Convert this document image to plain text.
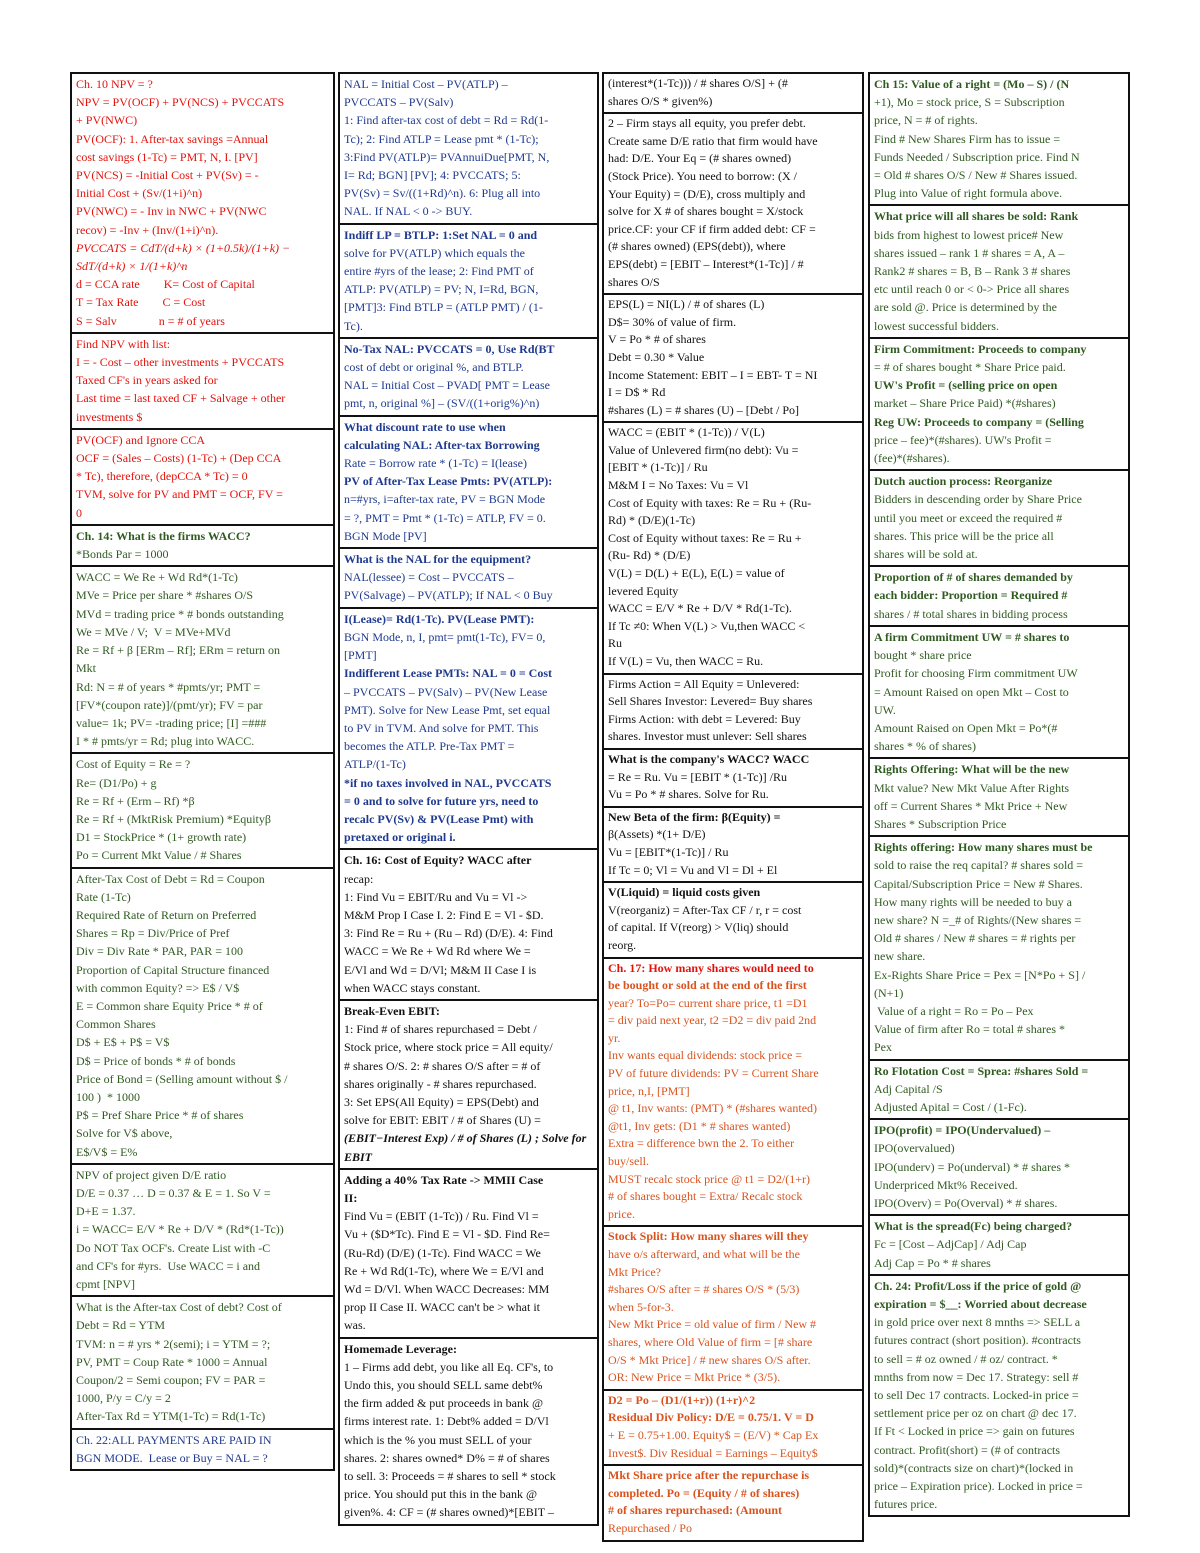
Ch. 10 NPV = ?
NPV = PV(OCF) + PV(NCS) + PVCCATS
+ PV(NWC)
PV(OCF): 1. After-tax savings =Annual
cost savings (1-Tc) = PMT, N, I. [PV]
PV(NCS) = -Initial Cost + PV(Sv) = -
Initial Cost + (Sv/(1+i)^n)
PV(NWC) = - Inv in NWC + PV(NWC
recov) = -Inv + (Inv/(1+i)^n).
PVCCATS = CdT/(d+k) × (1+0.5k)/(1+k) − SdT/(d+k) × 1/(1+k)^n
d = CCA rate        K= Cost of Capital
T = Tax Rate        C = Cost
S = Salv              n = # of years
Find NPV with list:
I = - Cost – other investments + PVCCATS
Taxed CF's in years asked for
Last time = last taxed CF + Salvage + other
investments $
PV(OCF) and Ignore CCA
OCF = (Sales – Costs) (1-Tc) + (Dep CCA
* Tc), therefore, (depCCA * Tc) = 0
TVM, solve for PV and PMT = OCF, FV =
0
Ch. 14: What is the firms WACC?
*Bonds Par = 1000
WACC = We Re + Wd Rd*(1-Tc)
MVe = Price per share * #shares O/S
MVd = trading price * # bonds outstanding
We = MVe / V;  V = MVe+MVd
Re = Rf + β [ERm – Rf]; ERm = return on
Mkt
Rd: N = # of years * #pmts/yr; PMT =
[FV*(coupon rate)]/(pmt/yr); FV = par
value= 1k; PV= -trading price; [I] =###
I * # pmts/yr = Rd; plug into WACC.
Cost of Equity = Re = ?
Re= (D1/Po) + g
Re = Rf + (Erm – Rf) *β
Re = Rf + (MktRisk Premium) *Equityβ
D1 = StockPrice * (1+ growth rate)
Po = Current Mkt Value / # Shares
After-Tax Cost of Debt = Rd = Coupon
Rate (1-Tc)
Required Rate of Return on Preferred
Shares = Rp = Div/Price of Pref
Div = Div Rate * PAR, PAR = 100
Proportion of Capital Structure financed
with common Equity? => E$ / V$
E = Common share Equity Price * # of
Common Shares
D$ + E$ + P$ = V$
D$ = Price of bonds * # of bonds
Price of Bond = (Selling amount without $ /
100 )  * 1000
P$ = Pref Share Price * # of shares
Solve for V$ above,
E$/V$ = E%
NPV of project given D/E ratio
D/E = 0.37 … D = 0.37 & E = 1. So V =
D+E = 1.37.
i = WACC= E/V * Re + D/V * (Rd*(1-Tc))
Do NOT Tax OCF's. Create List with -C
and CF's for #yrs.  Use WACC = i and
cpmt [NPV]
What is the After-tax Cost of debt? Cost of
Debt = Rd = YTM
TVM: n = # yrs * 2(semi); i = YTM = ?;
PV, PMT = Coup Rate * 1000 = Annual
Coupon/2 = Semi coupon; FV = PAR =
1000, P/y = C/y = 2
After-Tax Rd = YTM(1-Tc) = Rd(1-Tc)
Ch. 22:ALL PAYMENTS ARE PAID IN
BGN MODE.  Lease or Buy = NAL = ?
NAL = Initial Cost – PV(ATLP) –
PVCCATS – PV(Salv)
1: Find after-tax cost of debt = Rd = Rd(1-
Tc); 2: Find ATLP = Lease pmt * (1-Tc);
3:Find PV(ATLP)= PVAnnuiDue[PMT, N,
I= Rd; BGN] [PV]; 4: PVCCATS; 5:
PV(Sv) = Sv/((1+Rd)^n). 6: Plug all into
NAL. If NAL < 0 -> BUY.
Indiff LP = BTLP: 1:Set NAL = 0 and
solve for PV(ATLP) which equals the
entire #yrs of the lease; 2: Find PMT of
ATLP: PV(ATLP) = PV; N, I=Rd, BGN,
[PMT]3: Find BTLP = (ATLP PMT) / (1-
Tc).
No-Tax NAL: PVCCATS = 0, Use Rd(BT
cost of debt or original %, and BTLP.
NAL = Initial Cost – PVAD[ PMT = Lease
pmt, n, original %] – (SV/((1+orig%)^n)
What discount rate to use when
calculating NAL: After-tax Borrowing
Rate = Borrow rate * (1-Tc) = I(lease)
PV of After-Tax Lease Pmts: PV(ATLP):
n=#yrs, i=after-tax rate, PV = BGN Mode
= ?, PMT = Pmt * (1-Tc) = ATLP, FV = 0.
BGN Mode [PV]
What is the NAL for the equipment?
NAL(lessee) = Cost – PVCCATS –
PV(Salvage) – PV(ATLP); If NAL < 0 Buy
I(Lease)= Rd(1-Tc). PV(Lease PMT):
BGN Mode, n, I, pmt= pmt(1-Tc), FV= 0,
[PMT]
Indifferent Lease PMTs: NAL = 0 = Cost
– PVCCATS – PV(Salv) – PV(New Lease
PMT). Solve for New Lease Pmt, set equal
to PV in TVM. And solve for PMT. This
becomes the ATLP. Pre-Tax PMT =
ATLP/(1-Tc)
*if no taxes involved in NAL, PVCCATS
= 0 and to solve for future yrs, need to
recalc PV(Sv) & PV(Lease Pmt) with
pretaxed or original i.
Ch. 16: Cost of Equity? WACC after
recap:
1: Find Vu = EBIT/Ru and Vu = Vl ->
M&M Prop I Case I. 2: Find E = Vl - $D.
3: Find Re = Ru + (Ru – Rd) (D/E). 4: Find
WACC = We Re + Wd Rd where We =
E/Vl and Wd = D/Vl; M&M II Case I is
when WACC stays constant.
Break-Even EBIT:
1: Find # of shares repurchased = Debt /
Stock price, where stock price = All equity/
# shares O/S. 2: # shares O/S after = # of
shares originally - # shares repurchased.
3: Set EPS(All Equity) = EPS(Debt) and
solve for EBIT: EBIT / # of Shares (U) =
(EBIT−Interest Exp) / # of Shares (L) ; Solve for EBIT
Adding a 40% Tax Rate -> MMII Case
II:
Find Vu = (EBIT (1-Tc)) / Ru. Find Vl =
Vu + ($D*Tc). Find E = Vl - $D. Find Re=
(Ru-Rd) (D/E) (1-Tc). Find WACC = We
Re + Wd Rd(1-Tc), where We = E/Vl and
Wd = D/Vl. When WACC Decreases: MM
prop II Case II. WACC can't be > what it
was.
Homemade Leverage:
1 – Firms add debt, you like all Eq. CF's, to
Undo this, you should SELL same debt%
the firm added & put proceeds in bank @
firms interest rate. 1: Debt% added = D/Vl
which is the % you must SELL of your
shares. 2: shares owned* D% = # of shares
to sell. 3: Proceeds = # shares to sell * stock
price. You should put this in the bank @
given%. 4: CF = (# shares owned)*[EBIT –
(interest*(1-Tc))) / # shares O/S] + (#
shares O/S * given%)
2 – Firm stays all equity, you prefer debt.
Create same D/E ratio that firm would have
had: D/E. Your Eq = (# shares owned)
(Stock Price). You need to borrow: (X /
Your Equity) = (D/E), cross multiply and
solve for X # of shares bought = X/stock
price.CF: your CF if firm added debt: CF =
(# shares owned) (EPS(debt)), where
EPS(debt) = [EBIT – Interest*(1-Tc)] / #
shares O/S
EPS(L) = NI(L) / # of shares (L)
D$= 30% of value of firm.
V = Po * # of shares
Debt = 0.30 * Value
Income Statement: EBIT – I = EBT- T = NI
I = D$ * Rd
#shares (L) = # shares (U) – [Debt / Po]
WACC = (EBIT * (1-Tc)) / V(L)
Value of Unlevered firm(no debt): Vu =
[EBIT * (1-Tc)] / Ru
M&M I = No Taxes: Vu = Vl
Cost of Equity with taxes: Re = Ru + (Ru-
Rd) * (D/E)(1-Tc)
Cost of Equity without taxes: Re = Ru +
(Ru- Rd) * (D/E)
V(L) = D(L) + E(L), E(L) = value of
levered Equity
WACC = E/V * Re + D/V * Rd(1-Tc).
If Tc ≠0: When V(L) > Vu,then WACC <
Ru
If V(L) = Vu, then WACC = Ru.
Firms Action = All Equity = Unlevered:
Sell Shares Investor: Levered= Buy shares
Firms Action: with debt = Levered: Buy
shares. Investor must unlever: Sell shares
What is the company's WACC? WACC
= Re = Ru. Vu = [EBIT * (1-Tc)] /Ru
Vu = Po * # shares. Solve for Ru.
New Beta of the firm: β(Equity) =
β(Assets) *(1+ D/E)
Vu = [EBIT*(1-Tc)] / Ru
If Tc = 0; Vl = Vu and Vl = Dl + El
V(Liquid) = liquid costs given
V(reorganiz) = After-Tax CF / r, r = cost
of capital. If V(reorg) > V(liq) should
reorg.
Ch. 17: How many shares would need to
be bought or sold at the end of the first
year? To=Po= current share price, t1 =D1
= div paid next year, t2 =D2 = div paid 2nd
yr.
Inv wants equal dividends: stock price =
PV of future dividends: PV = Current Share
price, n,I, [PMT]
@ t1, Inv wants: (PMT) * (#shares wanted)
@t1, Inv gets: (D1 * # shares wanted)
Extra = difference bwn the 2. To either
buy/sell.
MUST recalc stock price @ t1 = D2/(1+r)
# of shares bought = Extra/ Recalc stock
price.
Stock Split: How many shares will they
have o/s afterward, and what will be the
Mkt Price?
#shares O/S after = # shares O/S * (5/3)
when 5-for-3.
New Mkt Price = old value of firm / New #
shares, where Old Value of firm = [# share
O/S * Mkt Price] / # new shares O/S after.
OR: New Price = Mkt Price * (3/5).
D2 = Po – (D1/(1+r)) (1+r)^2
Residual Div Policy: D/E = 0.75/1. V = D
+ E = 0.75+1.00. Equity$ = (E/V) * Cap Ex
Invest$. Div Residual = Earnings – Equity$
Mkt Share price after the repurchase is
completed. Po = (Equity / # of shares)
# of shares repurchased: (Amount
Repurchased / Po
Ch 15: Value of a right = (Mo – S) / (N
+1), Mo = stock price, S = Subscription
price, N = # of rights.
Find # New Shares Firm has to issue =
Funds Needed / Subscription price. Find N
= Old # shares O/S / New # Shares issued.
Plug into Value of right formula above.
What price will all shares be sold: Rank
bids from highest to lowest price# New
shares issued – rank 1 # shares = A, A –
Rank2 # shares = B, B – Rank 3 # shares
etc until reach 0 or < 0-> Price all shares
are sold @. Price is determined by the
lowest successful bidders.
Firm Commitment: Proceeds to company
= # of shares bought * Share Price paid.
UW's Profit = (selling price on open
market – Share Price Paid) *(#shares)
Reg UW: Proceeds to company = (Selling
price – fee)*(#shares). UW's Profit =
(fee)*(#shares).
Dutch auction process: Reorganize
Bidders in descending order by Share Price
until you meet or exceed the required #
shares. This price will be the price all
shares will be sold at.
Proportion of # of shares demanded by
each bidder: Proportion = Required #
shares / # total shares in bidding process
A firm Commitment UW = # shares to
bought * share price
Profit for choosing Firm commitment UW
= Amount Raised on open Mkt – Cost to
UW.
Amount Raised on Open Mkt = Po*(#
shares * % of shares)
Rights Offering: What will be the new
Mkt value? New Mkt Value After Rights
off = Current Shares * Mkt Price + New
Shares * Subscription Price
Rights offering: How many shares must be
sold to raise the req capital? # shares sold =
Capital/Subscription Price = New # Shares.
How many rights will be needed to buy a
new share? N =_# of Rights/(New shares =
Old # shares / New # shares = # rights per
new share.
Ex-Rights Share Price = Pex = [N*Po + S] /
(N+1)
Value of a right = Ro = Po – Pex
Value of firm after Ro = total # shares *
Pex
Ro Flotation Cost = Sprea: #shares Sold =
Adj Capital /S
Adjusted Apital = Cost / (1-Fc).
IPO(profit) = IPO(Undervalued) –
IPO(overvalued)
IPO(underv) = Po(underval) * # shares *
Underpriced Mkt% Received.
IPO(Overv) = Po(Overval) * # shares.
What is the spread(Fc) being charged?
Fc = [Cost – AdjCap] / Adj Cap
Adj Cap = Po * # shares
Ch. 24: Profit/Loss if the price of gold @
expiration = $__: Worried about decrease
in gold price over next 8 mnths => SELL a
futures contract (short position). #contracts
to sell = # oz owned / # oz/ contract. *
mnths from now = Dec 17. Strategy: sell #
to sell Dec 17 contracts. Locked-in price =
settlement price per oz on chart @ dec 17.
If Ft < Locked in price => gain on futures
contract. Profit(short) = (# of contracts
sold)*(contracts size on chart)*(locked in
price – Expiration price). Locked in price =
futures price.
